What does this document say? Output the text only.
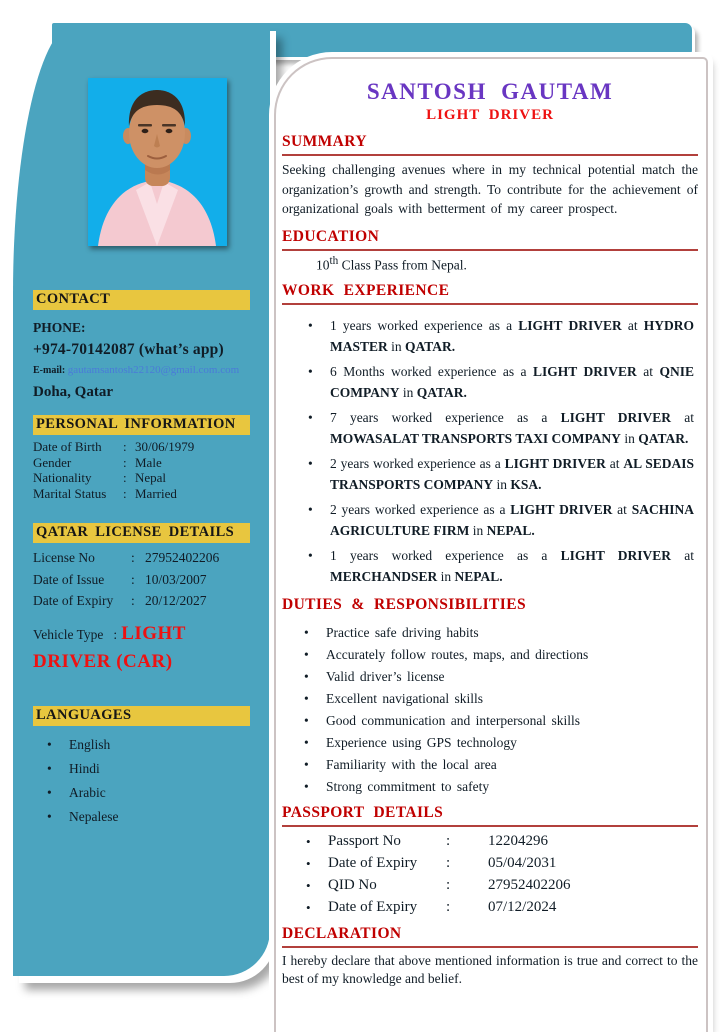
CONTACT
PHONE:
+974-70142087 (what’s app)
E-mail: gautamsantosh22120@gmail.com.com
Doha, Qatar
PERSONAL INFORMATION
Date of Birth : 30/06/1979
Gender	: Male
Nationality : Nepal
Marital Status : Married
QATAR LICENSE DETAILS
License No	: 27952402206
Date of Issue : 10/03/2007
Date of Expiry : 20/12/2027
Vehicle Type : LIGHT DRIVER (CAR)
LANGUAGES
• English
• Hindi
• Arabic
• Nepalese
SANTOSH GAUTAM
LIGHT DRIVER
SUMMARY

Seeking challenging avenues where in my technical potential match the organization’s growth and strength. To contribute for the achievement of organizational goals with betterment of my career prospect.

EDUCATION
10th Class Pass from Nepal.
WORK EXPERIENCE
• 1 years worked experience as a LIGHT DRIVER at HYDRO MASTER in QATAR.
• 6 Months worked experience as a LIGHT DRIVER at QNIE COMPANY in QATAR.
• 7 years worked experience as a LIGHT DRIVER at MOWASALAT TRANSPORTS TAXI COMPANY in QATAR.
• 2 years worked experience as a LIGHT DRIVER at AL SEDAIS TRANSPORTS COMPANY in KSA.
• 2 years worked experience as a LIGHT DRIVER at SACHINA AGRICULTURE FIRM in NEPAL.
• 1 years worked experience as a LIGHT DRIVER at MERCHANDSER in NEPAL.
DUTIES & RESPONSIBILITIES
• Practice safe driving habits
• Accurately follow routes, maps, and directions
• Valid driver’s license
• Excellent navigational skills
• Good communication and interpersonal skills
• Experience using GPS technology
• Familiarity with the local area
• Strong commitment to safety
PASSPORT DETAILS
• Passport No	:	12204296
• Date of Expiry :	05/04/2031
• QID No	:	27952402206
• Date of Expiry :	07/12/2024
DECLARATION

I hereby declare that above mentioned information is true and correct to the best of my knowledge and belief.
